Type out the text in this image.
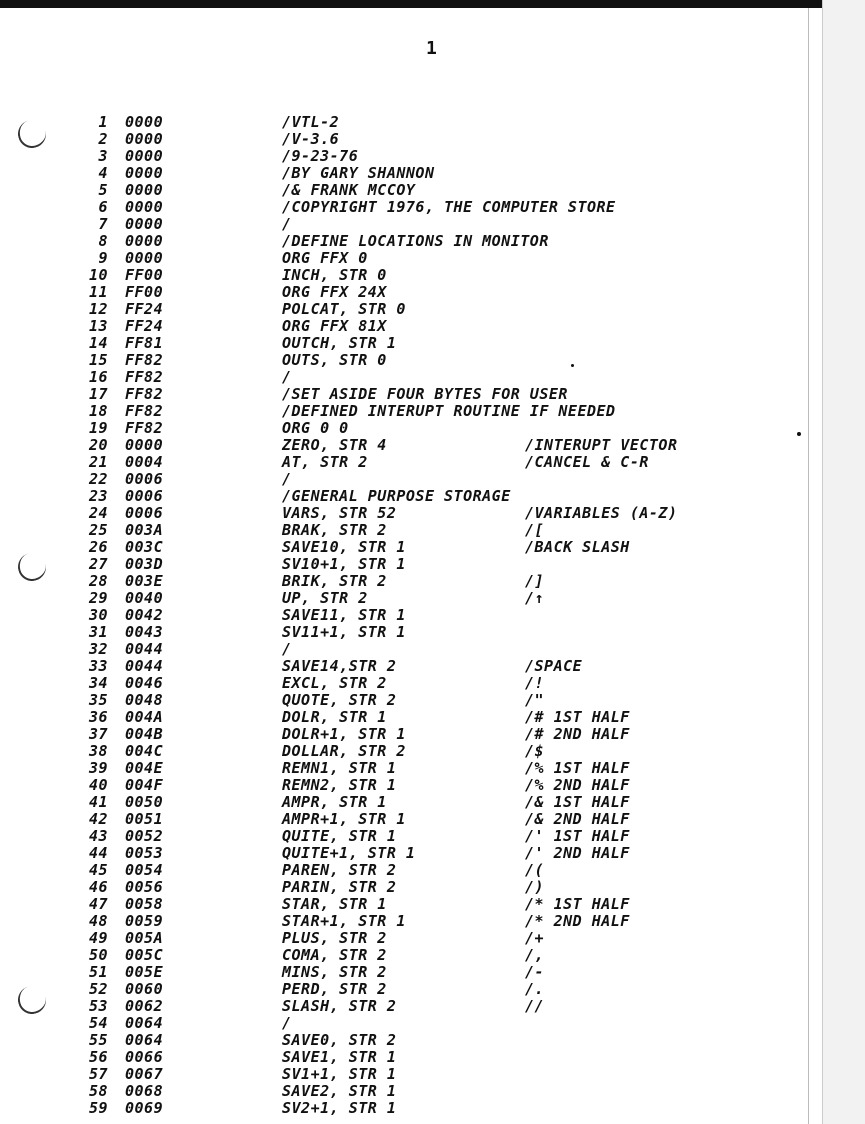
1
1 0000	/VTL-2
2 0000	/V-3.6
3 0000	/9-23-76
4 0000	/BY GARY SHANNON
5 0000	/& FRANK MCCOY
6 0000	/COPYRIGHT 1976, THE COMPUTER STORE
7 0000	/
8 0000	/DEFINE LOCATIONS IN MONITOR
9 0000	ORG FFX 0
10 FF00	INCH, STR 0
11 FF00	ORG FFX 24X
12 FF24	POLCAT, STR 0
13 FF24	ORG FFX 81X
14 FF81	OUTCH, STR 1
15 FF82	OUTS, STR 0
16 FF82	/
17 FF82	/SET ASIDE FOUR BYTES FOR USER
18 FF82	/DEFINED INTERUPT ROUTINE IF NEEDED
19 FF82	ORG 0 0
20 0000	ZERO, STR 4	/INTERUPT VECTOR
21 0004	AT, STR 2	/CANCEL & C-R
22 0006	/
23 0006	/GENERAL PURPOSE STORAGE
24 0006	VARS, STR 52	/VARIABLES (A-Z)
25 003A	BRAK, STR 2	/[
26 003C	SAVE10, STR 1	/BACK SLASH
27 003D	SV10+1, STR 1
28 003E	BRIK, STR 2	/]
29 0040	UP, STR 2	/↑
30 0042	SAVE11, STR 1
31 0043	SV11+1, STR 1
32 0044	/
33 0044	SAVE14,STR 2	/SPACE
34 0046	EXCL, STR 2	/!
35 0048	QUOTE, STR 2	/"
36 004A	DOLR, STR 1	/# 1ST HALF
37 004B	DOLR+1, STR 1	/# 2ND HALF
38 004C	DOLLAR, STR 2	/$
39 004E	REMN1, STR 1	/% 1ST HALF
40 004F	REMN2, STR 1	/% 2ND HALF
41 0050	AMPR, STR 1	/& 1ST HALF
42 0051	AMPR+1, STR 1	/& 2ND HALF
43 0052	QUITE, STR 1	/' 1ST HALF
44 0053	QUITE+1, STR 1	/' 2ND HALF
45 0054	PAREN, STR 2	/(
46 0056	PARIN, STR 2	/)
47 0058	STAR, STR 1	/* 1ST HALF
48 0059	STAR+1, STR 1	/* 2ND HALF
49 005A	PLUS, STR 2	/+
50 005C	COMA, STR 2	/,
51 005E	MINS, STR 2	/-
52 0060	PERD, STR 2	/.
53 0062	SLASH, STR 2	//
54 0064	/
55 0064	SAVE0, STR 2
56 0066	SAVE1, STR 1
57 0067	SV1+1, STR 1
58 0068	SAVE2, STR 1
59 0069	SV2+1, STR 1
